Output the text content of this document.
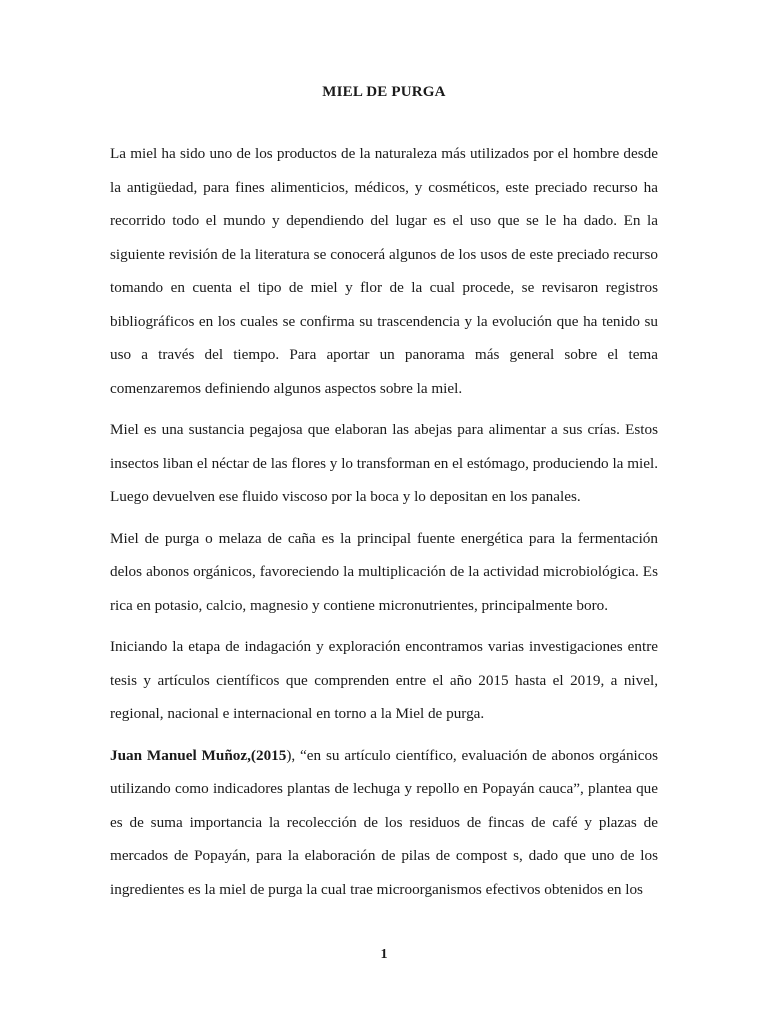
MIEL DE PURGA

La miel ha sido uno de los productos de la naturaleza más utilizados por el hombre desde la antigüedad, para fines alimenticios, médicos, y cosméticos, este preciado recurso ha recorrido todo el mundo y dependiendo del lugar es el uso que se le ha dado. En la siguiente revisión de la literatura se conocerá algunos de los usos de este preciado recurso tomando en cuenta el tipo de miel y flor de la cual procede, se revisaron registros bibliográficos en los cuales se confirma su trascendencia y la evolución que ha tenido su uso a través del tiempo. Para aportar un panorama más general sobre el tema comenzaremos definiendo algunos aspectos sobre la miel.

Miel es una sustancia pegajosa que elaboran las abejas para alimentar a sus crías. Estos insectos liban el néctar de las flores y lo transforman en el estómago, produciendo la miel. Luego devuelven ese fluido viscoso por la boca y lo depositan en los panales.

Miel de purga o melaza de caña es la principal fuente energética para la fermentación delos abonos orgánicos, favoreciendo la multiplicación de la actividad microbiológica. Es rica en potasio, calcio, magnesio y contiene micronutrientes, principalmente boro.

Iniciando la etapa de indagación y exploración encontramos varias investigaciones entre tesis y artículos científicos que comprenden entre el año 2015 hasta el 2019, a nivel, regional, nacional e internacional en torno a la Miel de purga.

Juan Manuel Muñoz,(2015), “en su artículo científico, evaluación de abonos orgánicos utilizando como indicadores plantas de lechuga y repollo en Popayán cauca”, plantea que es de suma importancia la recolección de los residuos de fincas de café y plazas de mercados de Popayán, para la elaboración de pilas de compost s, dado que uno de los ingredientes es la miel de purga la cual trae microorganismos efectivos obtenidos en los

1
